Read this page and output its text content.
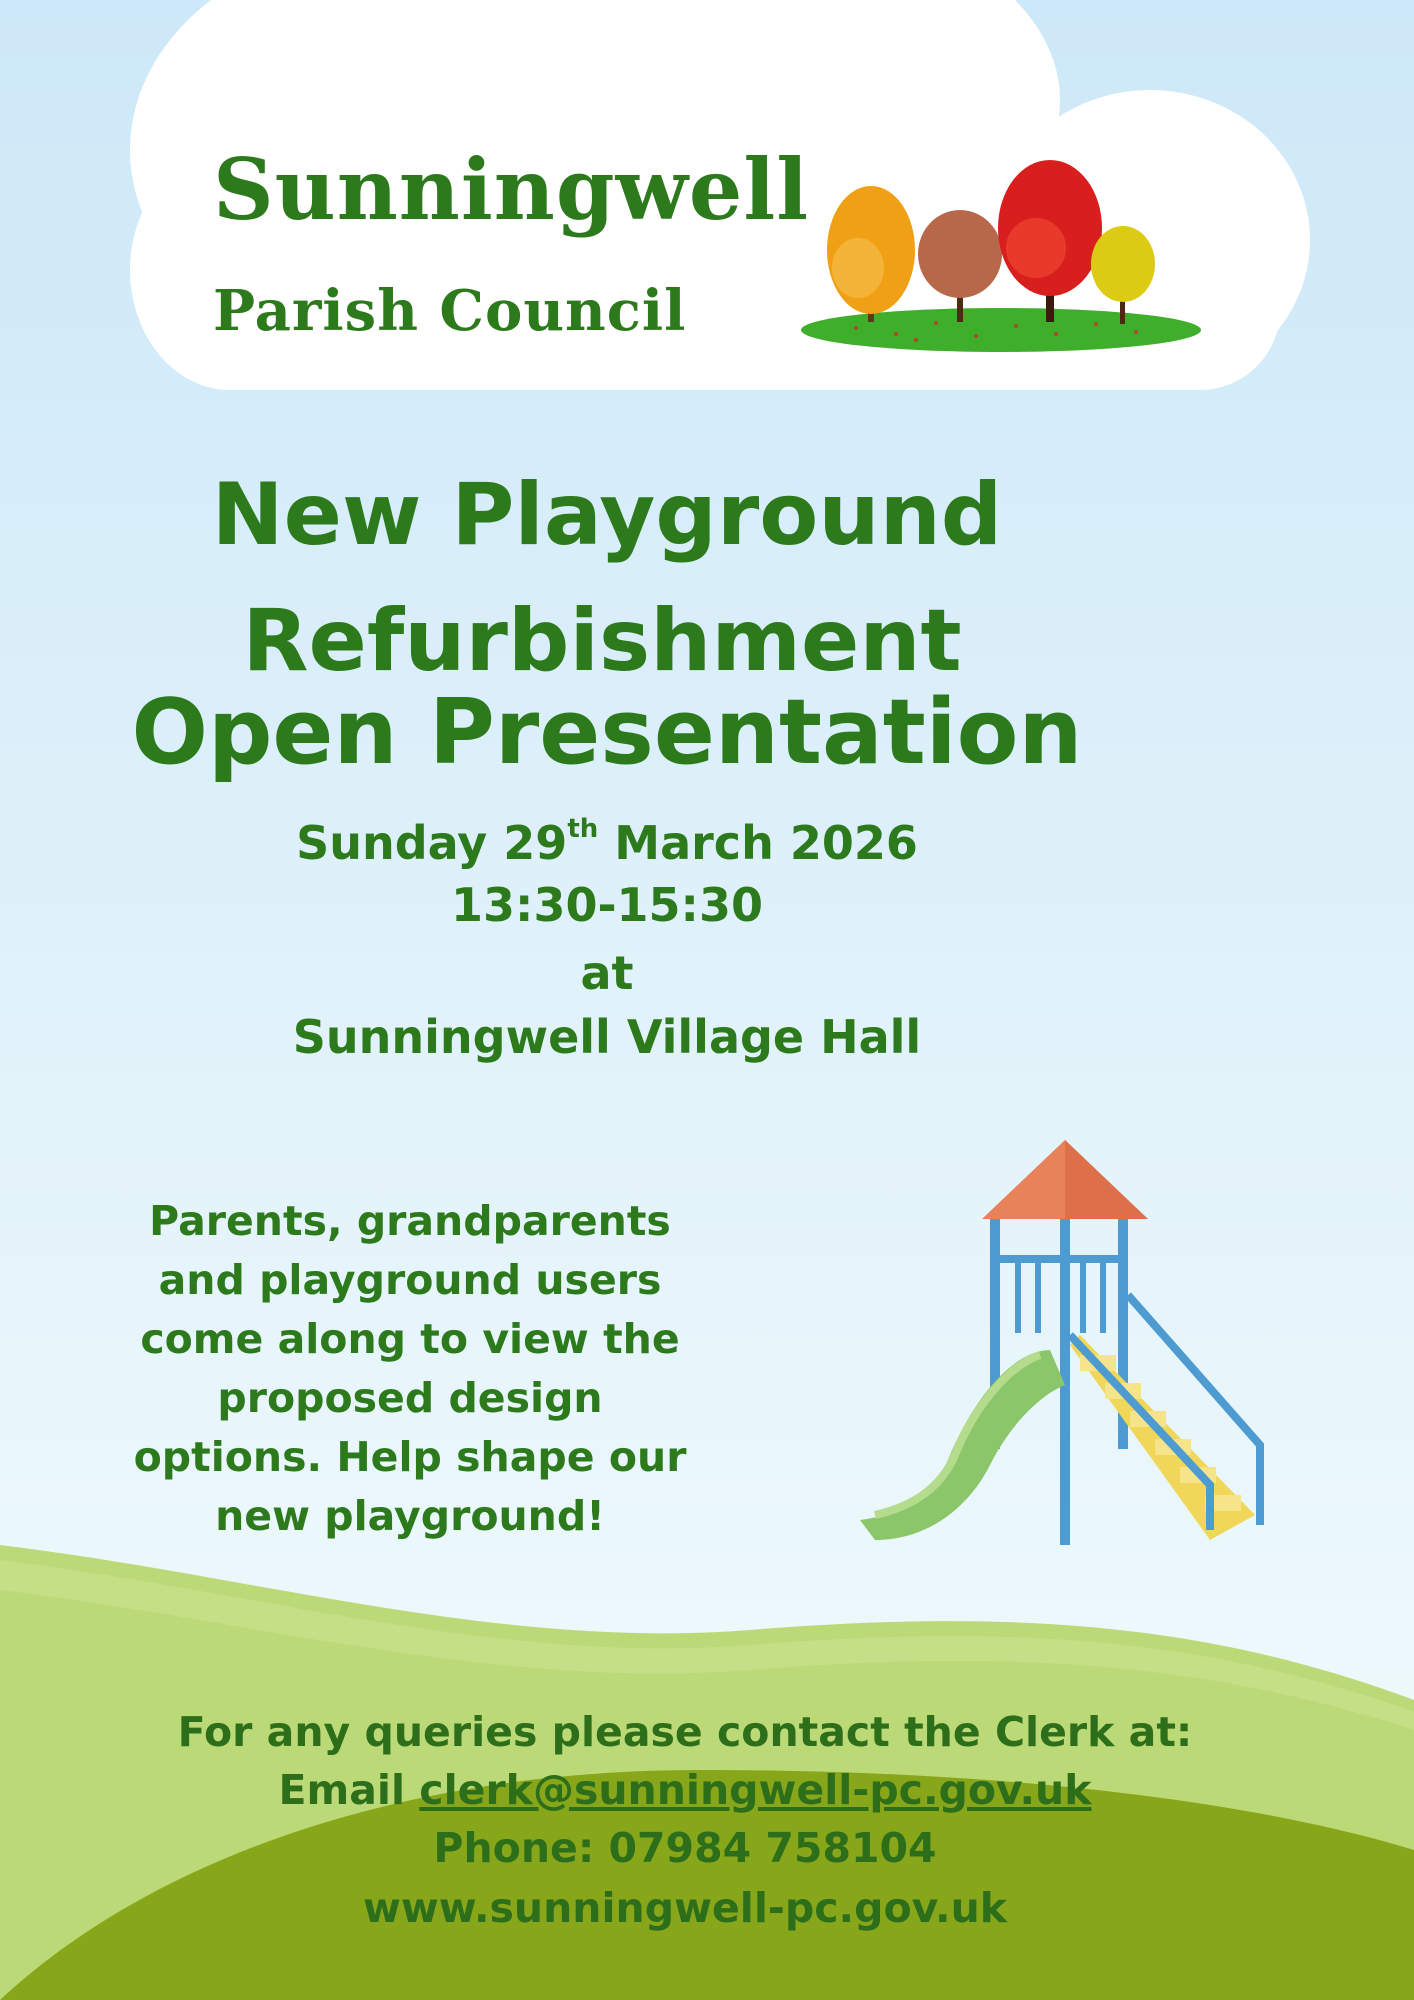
Sunningwell
Parish Council
New Playground
Refurbishment
Open Presentation
Sunday 29th March 2026
13:30-15:30
at
Sunningwell Village Hall
Parents, grandparents
and playground users
come along to view the
proposed design
options. Help shape our
new playground!
For any queries please contact the Clerk at:
Email clerk@sunningwell-pc.gov.uk
Phone: 07984 758104
www.sunningwell-pc.gov.uk
